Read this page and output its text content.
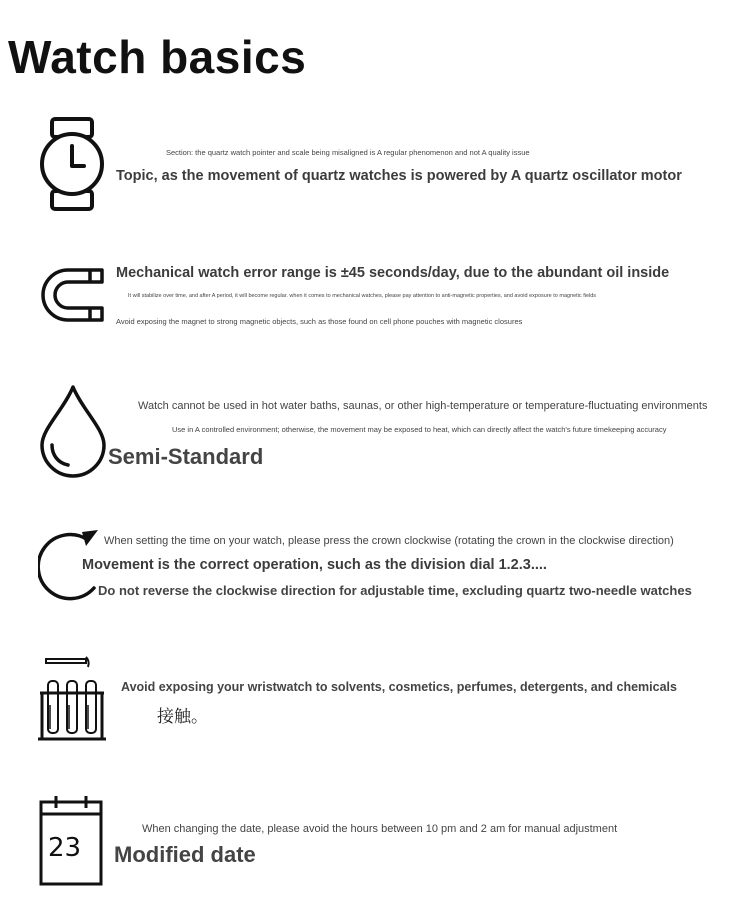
Watch basics
Section: the quartz watch pointer and scale being misaligned is A regular phenomenon and not A quality issue
Topic, as the movement of quartz watches is powered by A quartz oscillator motor
Mechanical watch error range is ±45 seconds/day, due to the abundant oil inside
It will stabilize over time, and after A period, it will become regular. when it comes to mechanical watches, please pay attention to anti-magnetic properties, and avoid exposure to magnetic fields
Avoid exposing the magnet to strong magnetic objects, such as those found on cell phone pouches with magnetic closures
Watch cannot be used in hot water baths, saunas, or other high-temperature or temperature-fluctuating environments
Use in A controlled environment; otherwise, the movement may be exposed to heat, which can directly affect the watch's future timekeeping accuracy
Semi-Standard
When setting the time on your watch, please press the crown clockwise (rotating the crown in the clockwise direction)
Movement is the correct operation, such as the division dial 1.2.3....
Do not reverse the clockwise direction for adjustable time, excluding quartz two-needle watches
Avoid exposing your wristwatch to solvents, cosmetics, perfumes, detergents, and chemicals
接触。
23
When changing the date, please avoid the hours between 10 pm and 2 am for manual adjustment
Modified date
